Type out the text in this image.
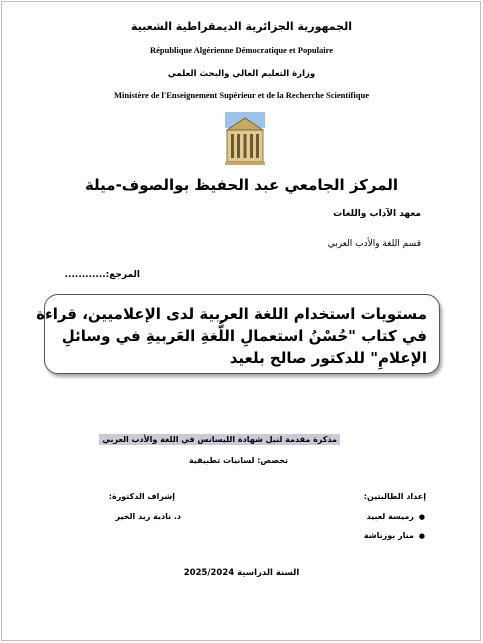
الجمهورية الجزائرية الديمقراطية الشعبية
République Algérienne Démocratique et Populaire
وزارة التعليم العالي والبحث العلمي
Ministère de l'Enseignement Supérieur et de la Recherche Scientifique
المركز الجامعي عبد الحفيظ بوالصوف-ميلة
معهد الآداب واللغات
قسم اللغة والأدب العربي
المرجع:............
مستويات استخدام اللغة العربية لدى الإعلاميين، قراءة
في كتاب "حُسْنُ استعمالِ اللُّغةِ العَربيةِ في وسائلِ
الإعلامِ" للدكتور صالح بلعيد
مذكرة مقدمة لنيل شهادة الليسانس في اللغة والأدب العربي
تخصص: لسانيات تطبيقية
إعداد الطالبتين:
إشراف الدكتورة:
●رميسة لعبيد
●منار بوزناشة
د. نادية زيد الخير
السنة الدراسية 2025/2024
